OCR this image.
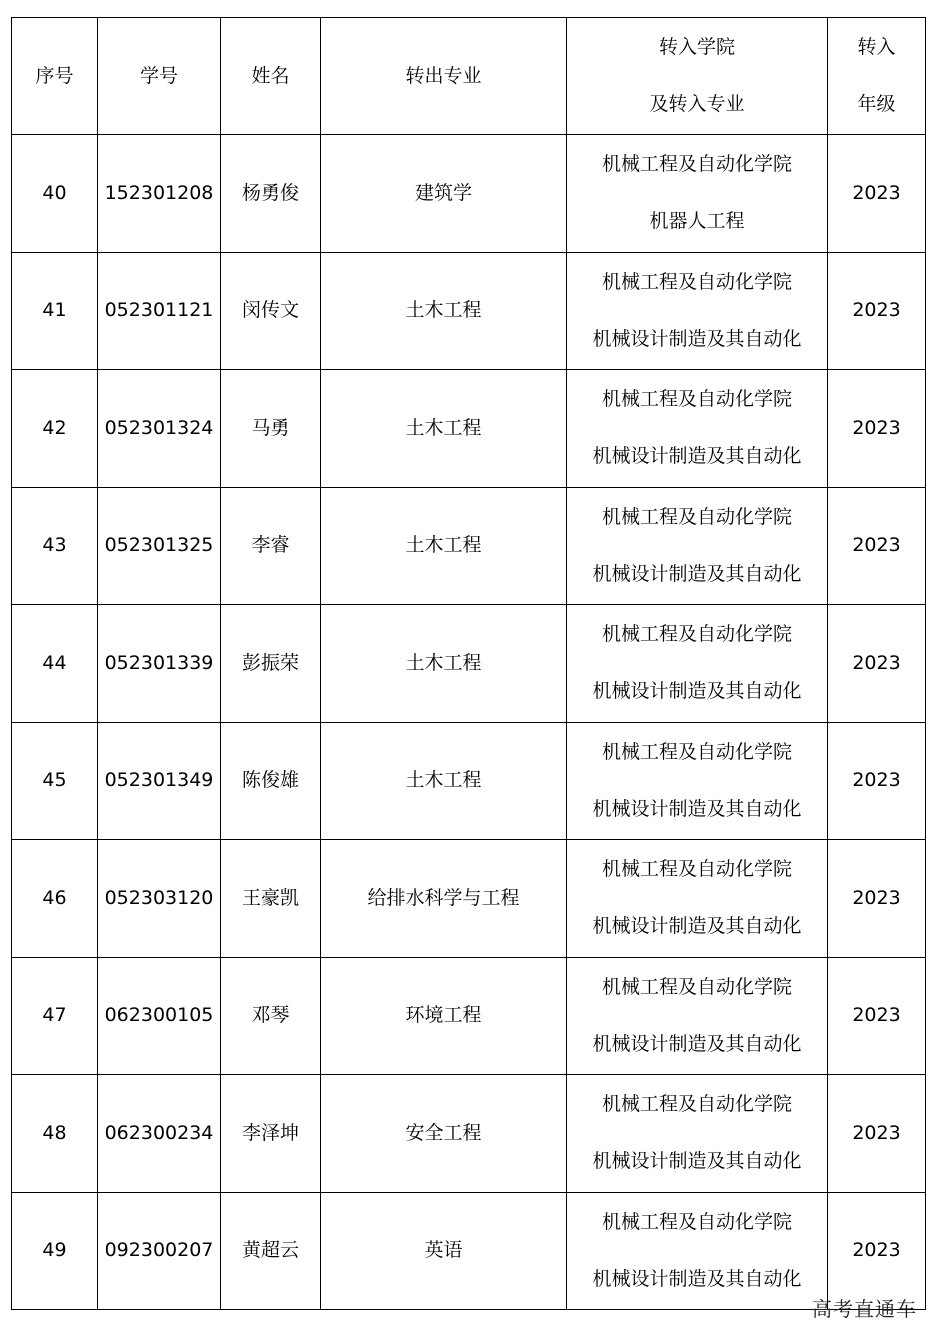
序号	学号	姓名	转出专业	转入学院
及转入专业	转入
年级

40	152301208	杨勇俊	建筑学	机械工程及自动化学院
机器人工程	2023
41	052301121	闵传文	土木工程	机械工程及自动化学院
机械设计制造及其自动化	2023
42	052301324	马勇	土木工程	机械工程及自动化学院
机械设计制造及其自动化	2023
43	052301325	李睿	土木工程	机械工程及自动化学院
机械设计制造及其自动化	2023
44	052301339	彭振荣	土木工程	机械工程及自动化学院
机械设计制造及其自动化	2023
45	052301349	陈俊雄	土木工程	机械工程及自动化学院
机械设计制造及其自动化	2023
46	052303120	王豪凯	给排水科学与工程	机械工程及自动化学院
机械设计制造及其自动化	2023
47	062300105	邓琴	环境工程	机械工程及自动化学院
机械设计制造及其自动化	2023
48	062300234	李泽坤	安全工程	机械工程及自动化学院
机械设计制造及其自动化	2023
49	092300207	黄超云	英语	机械工程及自动化学院
机械设计制造及其自动化	2023
高考直通车
